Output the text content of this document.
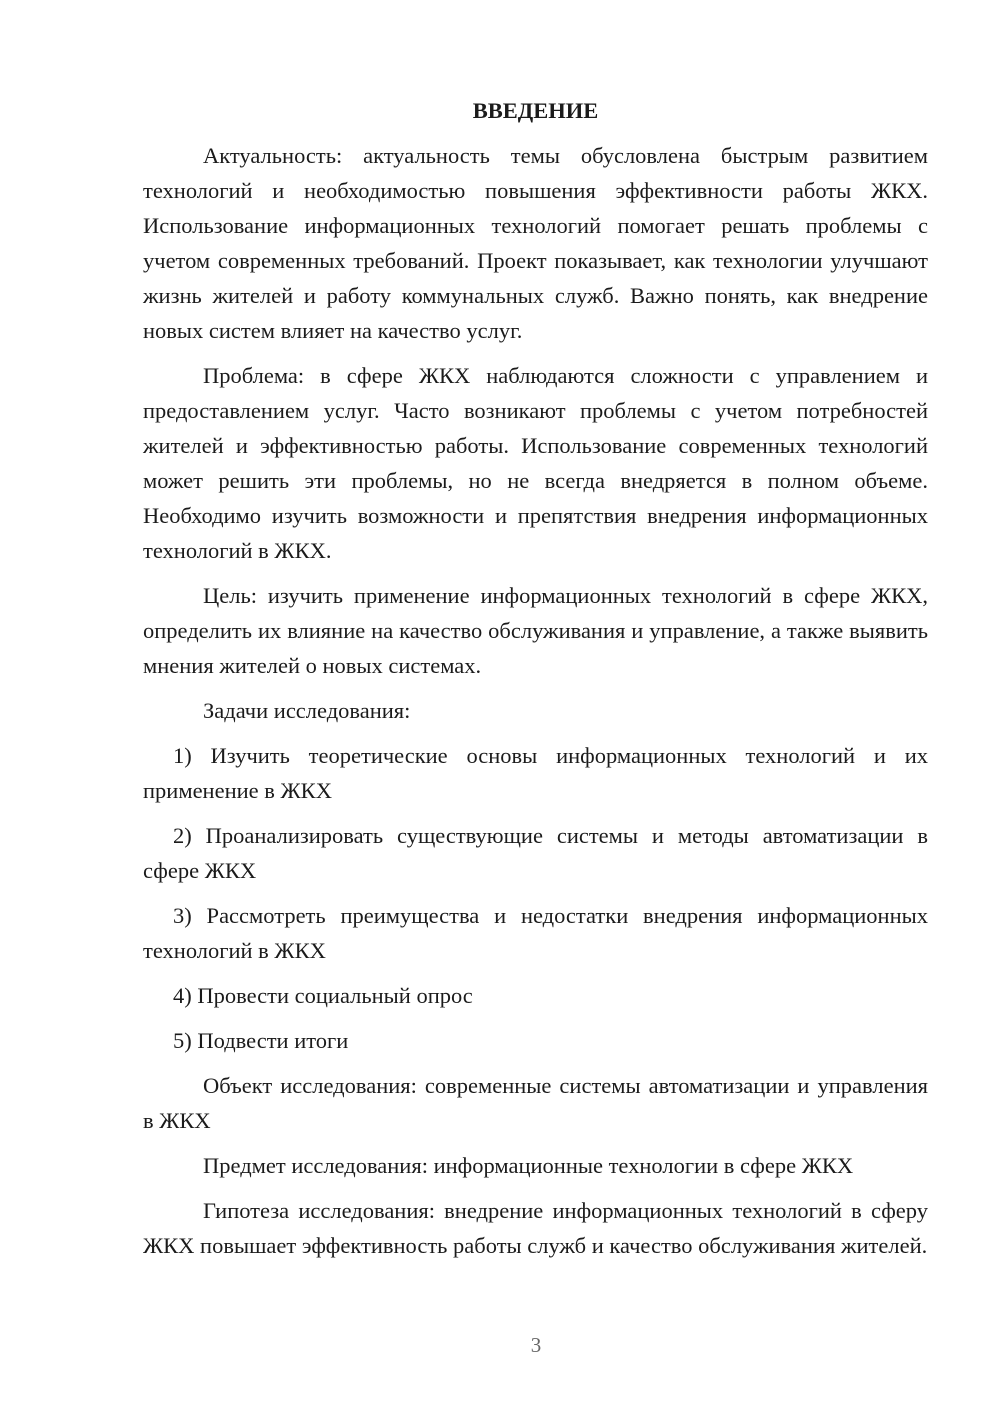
ВВЕДЕНИЕ

Актуальность: актуальность темы обусловлена быстрым развитием технологий и необходимостью повышения эффективности работы ЖКХ. Использование информационных технологий помогает решать проблемы с учетом современных требований. Проект показывает, как технологии улучшают жизнь жителей и работу коммунальных служб. Важно понять, как внедрение новых систем влияет на качество услуг.

Проблема: в сфере ЖКХ наблюдаются сложности с управлением и предоставлением услуг. Часто возникают проблемы с учетом потребностей жителей и эффективностью работы. Использование современных технологий может решить эти проблемы, но не всегда внедряется в полном объеме. Необходимо изучить возможности и препятствия внедрения информационных технологий в ЖКХ.

Цель: изучить применение информационных технологий в сфере ЖКХ, определить их влияние на качество обслуживания и управление, а также выявить мнения жителей о новых системах.

Задачи исследования:

1) Изучить теоретические основы информационных технологий и их применение в ЖКХ

2) Проанализировать существующие системы и методы автоматизации в сфере ЖКХ

3) Рассмотреть преимущества и недостатки внедрения информационных технологий в ЖКХ

4) Провести социальный опрос

5) Подвести итоги

Объект исследования: современные системы автоматизации и управления в ЖКХ

Предмет исследования: информационные технологии в сфере ЖКХ

Гипотеза исследования: внедрение информационных технологий в сферу ЖКХ повышает эффективность работы служб и качество обслуживания жителей.

3
